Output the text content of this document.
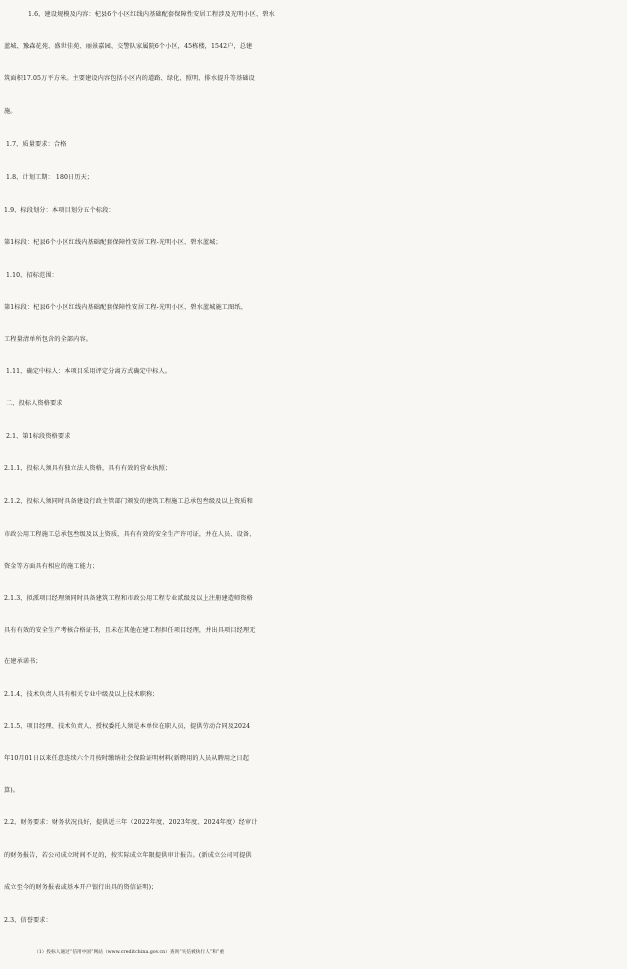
1.6、建设规模及内容：杞县6个小区红线内基础配套保障性安居工程涉及光明小区、碧水
蓝城、豫森花苑、盛世佳苑、丽景嘉园、交警队家属院6个小区，45栋楼，1542户，总建
筑面积17.05万平方米。主要建设内容包括小区内的道路、绿化、照明、排水提升等基础设
施。
1.7、质量要求：合格
1.8、计划工期： 180日历天；
1.9、标段划分：本项目划分五个标段：
第1标段：杞县6个小区红线内基础配套保障性安居工程-光明小区、碧水蓝城；
1.10、招标范围：
第1标段：杞县6个小区红线内基础配套保障性安居工程-光明小区、碧水蓝城施工图纸、
工程量清单所包含的全部内容。
1.11、确定中标人：本项目采用评定分离方式确定中标人。
二、投标人资格要求
2.1、第1标段资格要求
2.1.1、投标人须具有独立法人资格，具有有效的营业执照；
2.1.2、投标人须同时具备建设行政主管部门颁发的建筑工程施工总承包叁级及以上资质和
市政公用工程施工总承包叁级及以上资质，具有有效的安全生产许可证，并在人员、设备、
资金等方面具有相应的施工能力；
2.1.3、拟派项目经理须同时具备建筑工程和市政公用工程专业贰级及以上注册建造师资格
具有有效的安全生产考核合格证书，且未在其他在建工程担任项目经理，并出具项目经理无
在建承诺书；
2.1.4、技术负责人具有相关专业中级及以上技术职称；
2.1.5、项目经理、技术负责人、授权委托人须是本单位在职人员，提供劳动合同及2024
年10月01日以来任意连续六个月按时缴纳社会保险证明材料(新聘用的人员从聘用之日起
算)。
2.2、财务要求：财务状况良好，提供近三年（2022年度、2023年度、2024年度）经审计
的财务报告，若公司成立时间不足的，按实际成立年限提供审计报告。(新成立公司可提供
成立至今的财务报表或基本开户银行出具的资信证明)；
2.3、信誉要求：
（1）投标人通过“信用中国”网站（www.creditchina.gov.cn）查询“失信被执行人”和“重
